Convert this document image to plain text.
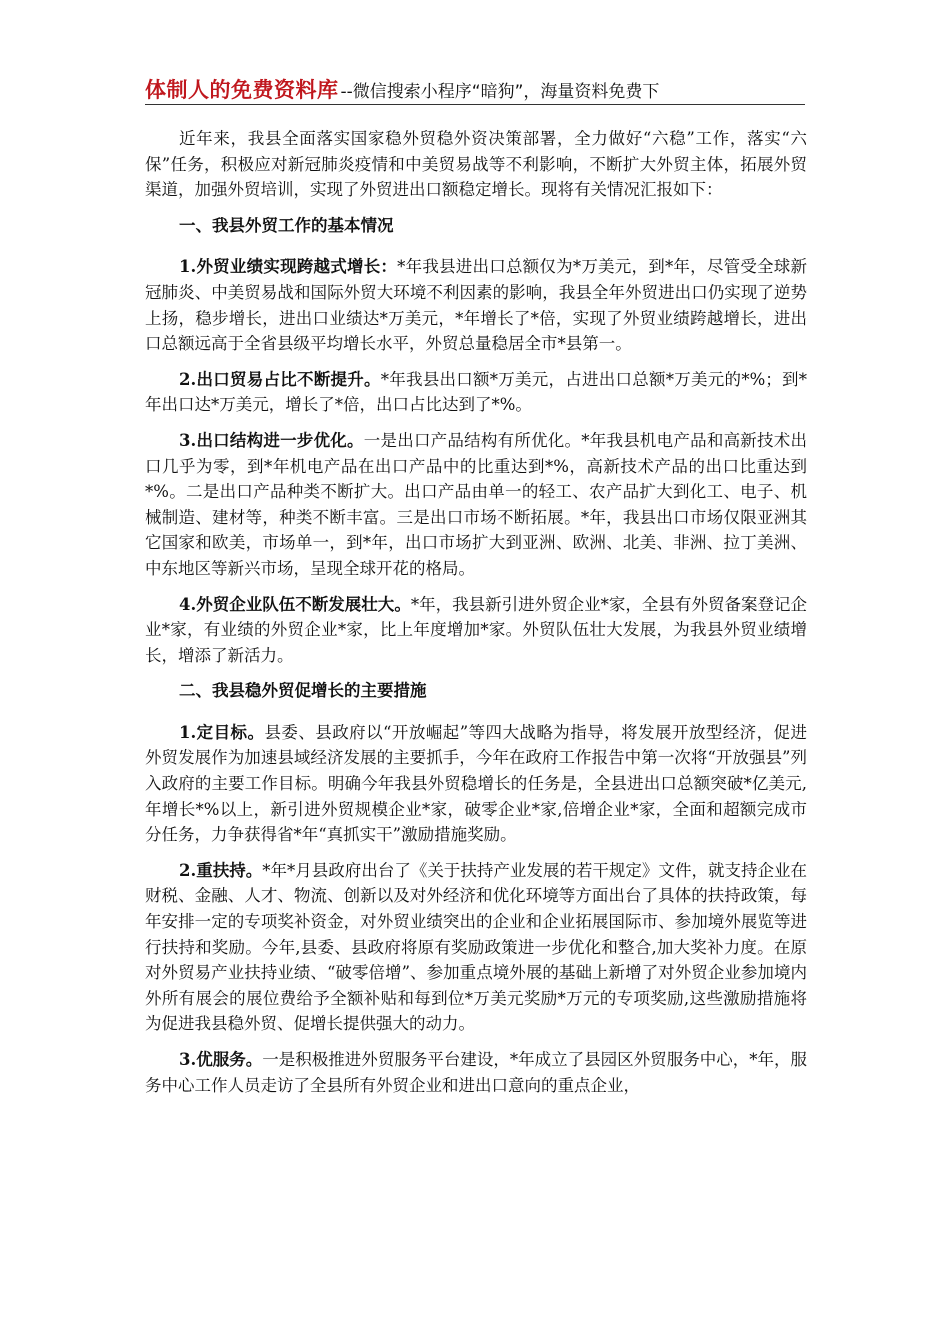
体制人的免费资料库 --微信搜索小程序“暗狗”，海量资料免费下

近年来，我县全面落实国家稳外贸稳外资决策部署，全力做好“六稳”工作，落实“六保”任务，积极应对新冠肺炎疫情和中美贸易战等不利影响，不断扩大外贸主体，拓展外贸渠道，加强外贸培训，实现了外贸进出口额稳定增长。现将有关情况汇报如下：

一、我县外贸工作的基本情况

1.外贸业绩实现跨越式增长：*年我县进出口总额仅为*万美元，到*年，尽管受全球新冠肺炎、中美贸易战和国际外贸大环境不利因素的影响，我县全年外贸进出口仍实现了逆势上扬，稳步增长，进出口业绩达*万美元，*年增长了*倍，实现了外贸业绩跨越增长，进出口总额远高于全省县级平均增长水平，外贸总量稳居全市*县第一。

2.出口贸易占比不断提升。*年我县出口额*万美元，占进出口总额*万美元的*%；到*年出口达*万美元，增长了*倍，出口占比达到了*%。

3.出口结构进一步优化。一是出口产品结构有所优化。*年我县机电产品和高新技术出口几乎为零，到*年机电产品在出口产品中的比重达到*%，高新技术产品的出口比重达到*%。二是出口产品种类不断扩大。出口产品由单一的轻工、农产品扩大到化工、电子、机械制造、建材等，种类不断丰富。三是出口市场不断拓展。*年，我县出口市场仅限亚洲其它国家和欧美，市场单一，到*年，出口市场扩大到亚洲、欧洲、北美、非洲、拉丁美洲、中东地区等新兴市场，呈现全球开花的格局。

4.外贸企业队伍不断发展壮大。*年，我县新引进外贸企业*家，全县有外贸备案登记企业*家，有业绩的外贸企业*家，比上年度增加*家。外贸队伍壮大发展，为我县外贸业绩增长，增添了新活力。

二、我县稳外贸促增长的主要措施

1.定目标。县委、县政府以“开放崛起”等四大战略为指导，将发展开放型经济，促进外贸发展作为加速县域经济发展的主要抓手，今年在政府工作报告中第一次将“开放强县”列入政府的主要工作目标。明确今年我县外贸稳增长的任务是，全县进出口总额突破*亿美元,年增长*%以上，新引进外贸规模企业*家，破零企业*家,倍增企业*家，全面和超额完成市分任务，力争获得省*年“真抓实干”激励措施奖励。

2.重扶持。*年*月县政府出台了《关于扶持产业发展的若干规定》文件，就支持企业在财税、金融、人才、物流、创新以及对外经济和优化环境等方面出台了具体的扶持政策，每年安排一定的专项奖补资金，对外贸业绩突出的企业和企业拓展国际市、参加境外展览等进行扶持和奖励。今年,县委、县政府将原有奖励政策进一步优化和整合,加大奖补力度。在原对外贸易产业扶持业绩、“破零倍增”、参加重点境外展的基础上新增了对外贸企业参加境内外所有展会的展位费给予全额补贴和每到位*万美元奖励*万元的专项奖励,这些激励措施将为促进我县稳外贸、促增长提供强大的动力。

3.优服务。一是积极推进外贸服务平台建设，*年成立了县园区外贸服务中心，*年，服务中心工作人员走访了全县所有外贸企业和进出口意向的重点企业，
